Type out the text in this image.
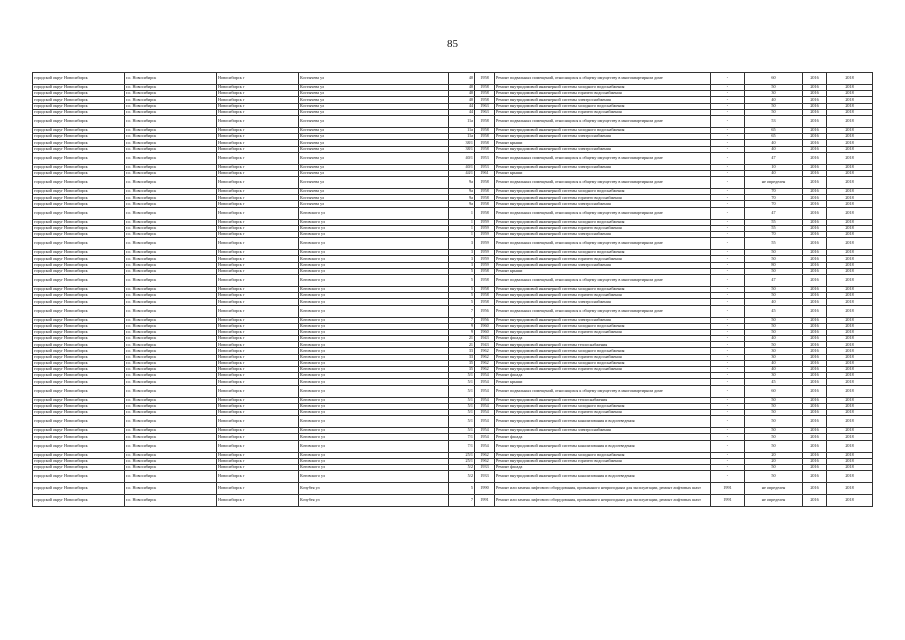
85
городской округ Новосибирск	г.о. Новосибирск	Новосибирск г	Костычева ул	40	1958	Ремонт подвальных помещений, относящихся к общему имуществу в многоквартирном доме	-	60	2016	2018
городской округ Новосибирск	г.о. Новосибирск	Новосибирск г	Костычева ул	40	1958	Ремонт внутридомовой инженерной системы холодного водоснабжения	-	50	2016	2018
городской округ Новосибирск	г.о. Новосибирск	Новосибирск г	Костычева ул	40	1958	Ремонт внутридомовой инженерной системы горячего водоснабжения	-	30	2016	2018
городской округ Новосибирск	г.о. Новосибирск	Новосибирск г	Костычева ул	40	1958	Ремонт внутридомовой инженерной системы электроснабжения	-	40	2016	2018
городской округ Новосибирск	г.о. Новосибирск	Новосибирск г	Костычева ул	44	1963	Ремонт внутридомовой инженерной системы холодного водоснабжения	-	50	2016	2018
городской округ Новосибирск	г.о. Новосибирск	Новосибирск г	Костычева ул	44	1963	Ремонт внутридомовой инженерной системы горячего водоснабжения	-	50	2016	2018
городской округ Новосибирск	г.о. Новосибирск	Новосибирск г	Костычева ул	11а	1958	Ремонт подвальных помещений, относящихся к общему имуществу в многоквартирном доме	-	53	2016	2018
городской округ Новосибирск	г.о. Новосибирск	Новосибирск г	Костычева ул	11а	1958	Ремонт внутридомовой инженерной системы холодного водоснабжения	-	65	2016	2018
городской округ Новосибирск	г.о. Новосибирск	Новосибирск г	Костычева ул	11а	1958	Ремонт внутридомовой инженерной системы электроснабжения	-	65	2016	2018
городской округ Новосибирск	г.о. Новосибирск	Новосибирск г	Костычева ул	38/1	1958	Ремонт крыши	-	40	2016	2018
городской округ Новосибирск	г.о. Новосибирск	Новосибирск г	Костычева ул	38/1	1958	Ремонт внутридомовой инженерной системы электроснабжения	-	40	2016	2018
городской округ Новосибирск	г.о. Новосибирск	Новосибирск г	Костычева ул	40/1	1953	Ремонт подвальных помещений, относящихся к общему имуществу в многоквартирном доме	-	47	2016	2018
городской округ Новосибирск	г.о. Новосибирск	Новосибирск г	Костычева ул	40/1	1953	Ремонт внутридомовой инженерной системы электроснабжения	-	10	2016	2018
городской округ Новосибирск	г.о. Новосибирск	Новосибирск г	Костычева ул	44/1	1961	Ремонт крыши	-	40	2016	2018
городской округ Новосибирск	г.о. Новосибирск	Новосибирск г	Костычева ул	9а	1958	Ремонт подвальных помещений, относящихся к общему имуществу в многоквартирном доме	-	не определен	2016	2018
городской округ Новосибирск	г.о. Новосибирск	Новосибирск г	Костычева ул	9а	1958	Ремонт внутридомовой инженерной системы холодного водоснабжения	-	70	2016	2018
городской округ Новосибирск	г.о. Новосибирск	Новосибирск г	Костычева ул	9а	1958	Ремонт внутридомовой инженерной системы горячего водоснабжения	-	70	2016	2018
городской округ Новосибирск	г.о. Новосибирск	Новосибирск г	Костычева ул	9а	1958	Ремонт внутридомовой инженерной системы электроснабжения	-	70	2016	2018
городской округ Новосибирск	г.о. Новосибирск	Новосибирск г	Котовского ул	1	1958	Ремонт подвальных помещений, относящихся к общему имуществу в многоквартирном доме	-	47	2016	2018
городской округ Новосибирск	г.о. Новосибирск	Новосибирск г	Котовского ул	1	1959	Ремонт внутридомовой инженерной системы холодного водоснабжения	-	55	2016	2018
городской округ Новосибирск	г.о. Новосибирск	Новосибирск г	Котовского ул	1	1959	Ремонт внутридомовой инженерной системы горячего водоснабжения	-	55	2016	2018
городской округ Новосибирск	г.о. Новосибирск	Новосибирск г	Котовского ул	1	1959	Ремонт внутридомовой инженерной системы электроснабжения	-	70	2016	2018
городской округ Новосибирск	г.о. Новосибирск	Новосибирск г	Котовского ул	3	1959	Ремонт подвальных помещений, относящихся к общему имуществу в многоквартирном доме	-	55	2016	2018
городской округ Новосибирск	г.о. Новосибирск	Новосибирск г	Котовского ул	3	1959	Ремонт внутридомовой инженерной системы холодного водоснабжения	-	50	2016	2018
городской округ Новосибирск	г.о. Новосибирск	Новосибирск г	Котовского ул	3	1959	Ремонт внутридомовой инженерной системы горячего водоснабжения	-	50	2016	2018
городской округ Новосибирск	г.о. Новосибирск	Новосибирск г	Котовского ул	3	1959	Ремонт внутридомовой инженерной системы электроснабжения	-	80	2016	2018
городской округ Новосибирск	г.о. Новосибирск	Новосибирск г	Котовского ул	5	1958	Ремонт крыши	-	50	2016	2018
городской округ Новосибирск	г.о. Новосибирск	Новосибирск г	Котовского ул	5	1958	Ремонт подвальных помещений, относящихся к общему имуществу в многоквартирном доме	-	47	2016	2018
городской округ Новосибирск	г.о. Новосибирск	Новосибирск г	Котовского ул	5	1958	Ремонт внутридомовой инженерной системы холодного водоснабжения	-	50	2016	2018
городской округ Новосибирск	г.о. Новосибирск	Новосибирск г	Котовского ул	5	1958	Ремонт внутридомовой инженерной системы горячего водоснабжения	-	50	2016	2018
городской округ Новосибирск	г.о. Новосибирск	Новосибирск г	Котовского ул	5	1958	Ремонт внутридомовой инженерной системы электроснабжения	-	40	2016	2018
городской округ Новосибирск	г.о. Новосибирск	Новосибирск г	Котовского ул	7	1956	Ремонт подвальных помещений, относящихся к общему имуществу в многоквартирном доме	-	45	2016	2018
городской округ Новосибирск	г.о. Новосибирск	Новосибирск г	Котовского ул	7	1956	Ремонт внутридомовой инженерной системы электроснабжения	-	50	2016	2018
городской округ Новосибирск	г.о. Новосибирск	Новосибирск г	Котовского ул	9	1960	Ремонт внутридомовой инженерной системы холодного водоснабжения	-	50	2016	2018
городской округ Новосибирск	г.о. Новосибирск	Новосибирск г	Котовского ул	9	1960	Ремонт внутридомовой инженерной системы горячего водоснабжения	-	50	2016	2018
городской округ Новосибирск	г.о. Новосибирск	Новосибирск г	Котовского ул	21	1943	Ремонт фасада	-	40	2016	2018
городской округ Новосибирск	г.о. Новосибирск	Новосибирск г	Котовского ул	21	1943	Ремонт внутридомовой инженерной системы теплоснабжения	-	50	2016	2018
городской округ Новосибирск	г.о. Новосибирск	Новосибирск г	Котовского ул	33	1962	Ремонт внутридомовой инженерной системы холодного водоснабжения	-	30	2016	2018
городской округ Новосибирск	г.о. Новосибирск	Новосибирск г	Котовского ул	33	1962	Ремонт внутридомовой инженерной системы горячего водоснабжения	-	30	2016	2018
городской округ Новосибирск	г.о. Новосибирск	Новосибирск г	Котовского ул	35	1962	Ремонт внутридомовой инженерной системы холодного водоснабжения	-	40	2016	2018
городской округ Новосибирск	г.о. Новосибирск	Новосибирск г	Котовского ул	35	1962	Ремонт внутридомовой инженерной системы горячего водоснабжения	-	40	2016	2018
городской округ Новосибирск	г.о. Новосибирск	Новосибирск г	Котовского ул	5/1	1954	Ремонт фасада	-	30	2016	2018
городской округ Новосибирск	г.о. Новосибирск	Новосибирск г	Котовского ул	5/1	1954	Ремонт крыши	-	45	2016	2018
городской округ Новосибирск	г.о. Новосибирск	Новосибирск г	Котовского ул	5/1	1954	Ремонт подвальных помещений, относящихся к общему имуществу в многоквартирном доме	-	60	2016	2018
городской округ Новосибирск	г.о. Новосибирск	Новосибирск г	Котовского ул	5/1	1954	Ремонт внутридомовой инженерной системы теплоснабжения	-	50	2016	2018
городской округ Новосибирск	г.о. Новосибирск	Новосибирск г	Котовского ул	5/1	1954	Ремонт внутридомовой инженерной системы холодного водоснабжения	-	50	2016	2018
городской округ Новосибирск	г.о. Новосибирск	Новосибирск г	Котовского ул	5/1	1954	Ремонт внутридомовой инженерной системы горячего водоснабжения	-	50	2016	2018
городской округ Новосибирск	г.о. Новосибирск	Новосибирск г	Котовского ул	5/1	1954	Ремонт внутридомовой инженерной системы канализования и водоотведения	-	50	2016	2018
городской округ Новосибирск	г.о. Новосибирск	Новосибирск г	Котовского ул	5/1	1954	Ремонт внутридомовой инженерной системы электроснабжения	-	50	2016	2018
городской округ Новосибирск	г.о. Новосибирск	Новосибирск г	Котовского ул	7/1	1954	Ремонт фасада	-	50	2016	2018
городской округ Новосибирск	г.о. Новосибирск	Новосибирск г	Котовского ул	7/1	1954	Ремонт внутридомовой инженерной системы канализования и водоотведения	-	50	2016	2018
городской округ Новосибирск	г.о. Новосибирск	Новосибирск г	Котовского ул	25/1	1962	Ремонт внутридомовой инженерной системы холодного водоснабжения	-	20	2016	2018
городской округ Новосибирск	г.о. Новосибирск	Новосибирск г	Котовского ул	25/1	1962	Ремонт внутридомовой инженерной системы горячего водоснабжения	-	20	2016	2018
городской округ Новосибирск	г.о. Новосибирск	Новосибирск г	Котовского ул	5/2	1933	Ремонт фасада	-	50	2016	2018
городской округ Новосибирск	г.о. Новосибирск	Новосибирск г	Котовского ул	5/2	1933	Ремонт внутридомовой инженерной системы канализования и водоотведения	-	50	2016	2018
городской округ Новосибирск	г.о. Новосибирск	Новосибирск г	Кочубея ул	5	1990	Ремонт или замена лифтового оборудования, признанного непригодным для эксплуатации, ремонт лифтовых шахт	1991	не определен	2016	2018
городской округ Новосибирск	г.о. Новосибирск	Новосибирск г	Кочубея ул	7	1991	Ремонт или замена лифтового оборудования, признанного непригодным для эксплуатации, ремонт лифтовых шахт	1991	не определен	2016	2018
